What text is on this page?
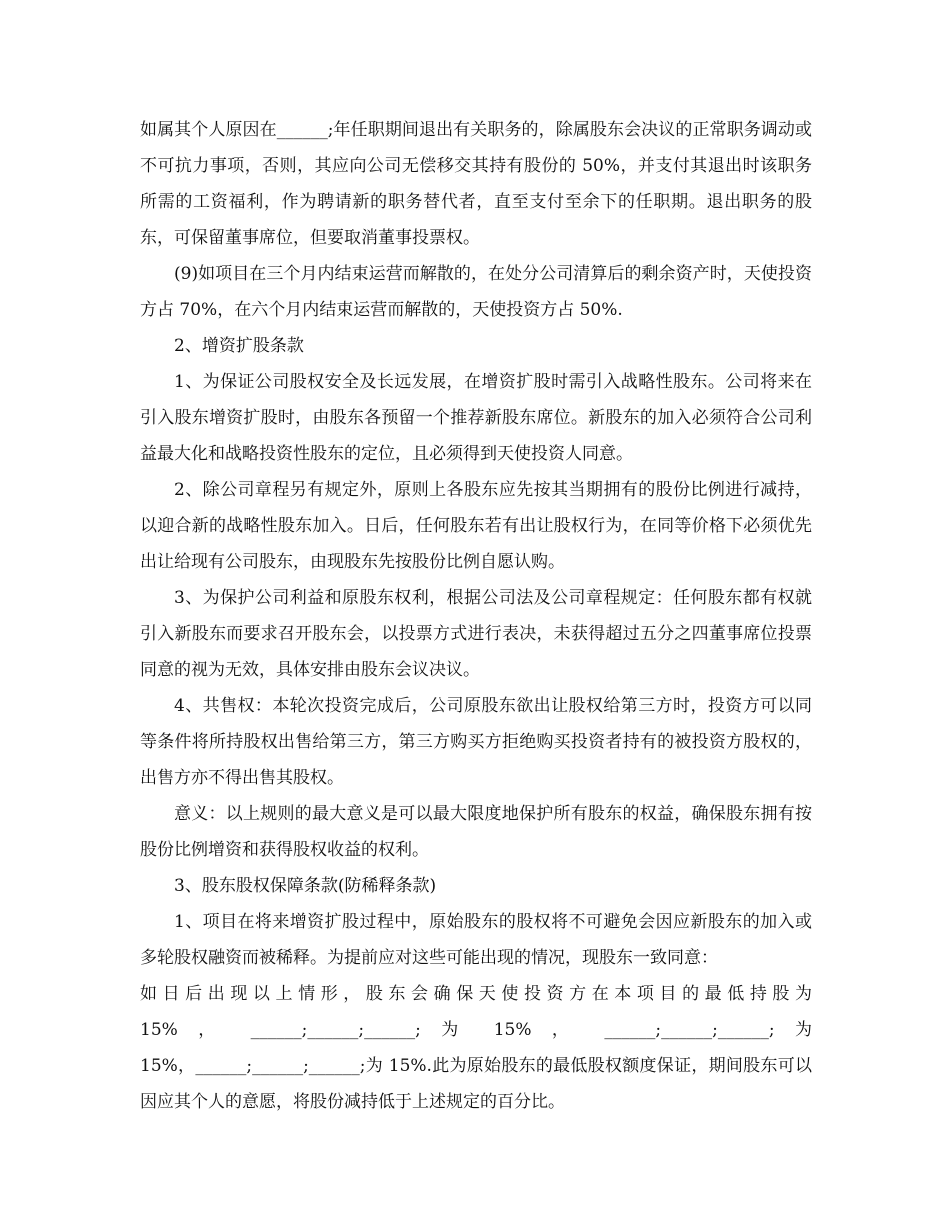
如属其个人原因在______;年任职期间退出有关职务的，除属股东会决议的正常职务调动或不可抗力事项，否则，其应向公司无偿移交其持有股份的 50%，并支付其退出时该职务所需的工资福利，作为聘请新的职务替代者，直至支付至余下的任职期。退出职务的股东，可保留董事席位，但要取消董事投票权。

(9)如项目在三个月内结束运营而解散的，在处分公司清算后的剩余资产时，天使投资方占 70%，在六个月内结束运营而解散的，天使投资方占 50%.

2、增资扩股条款

1、为保证公司股权安全及长远发展，在增资扩股时需引入战略性股东。公司将来在引入股东增资扩股时，由股东各预留一个推荐新股东席位。新股东的加入必须符合公司利益最大化和战略投资性股东的定位，且必须得到天使投资人同意。

2、除公司章程另有规定外，原则上各股东应先按其当期拥有的股份比例进行减持，以迎合新的战略性股东加入。日后，任何股东若有出让股权行为，在同等价格下必须优先出让给现有公司股东，由现股东先按股份比例自愿认购。

3、为保护公司利益和原股东权利，根据公司法及公司章程规定：任何股东都有权就引入新股东而要求召开股东会，以投票方式进行表决，未获得超过五分之四董事席位投票同意的视为无效，具体安排由股东会议决议。

4、共售权：本轮次投资完成后，公司原股东欲出让股权给第三方时，投资方可以同等条件将所持股权出售给第三方，第三方购买方拒绝购买投资者持有的被投资方股权的，出售方亦不得出售其股权。

意义：以上规则的最大意义是可以最大限度地保护所有股东的权益，确保股东拥有按股份比例增资和获得股权收益的权利。

3、股东股权保障条款(防稀释条款)

1、项目在将来增资扩股过程中，原始股东的股权将不可避免会因应新股东的加入或多轮股权融资而被稀释。为提前应对这些可能出现的情况，现股东一致同意：

如日后出现以上情形，股东会确保天使投资方在本项目的最低持股为

15% ， ______;______;______; 为 15% ， ______;______;______; 为

15%，______;______;______;为 15%.此为原始股东的最低股权额度保证，期间股东可以因应其个人的意愿，将股份减持低于上述规定的百分比。
